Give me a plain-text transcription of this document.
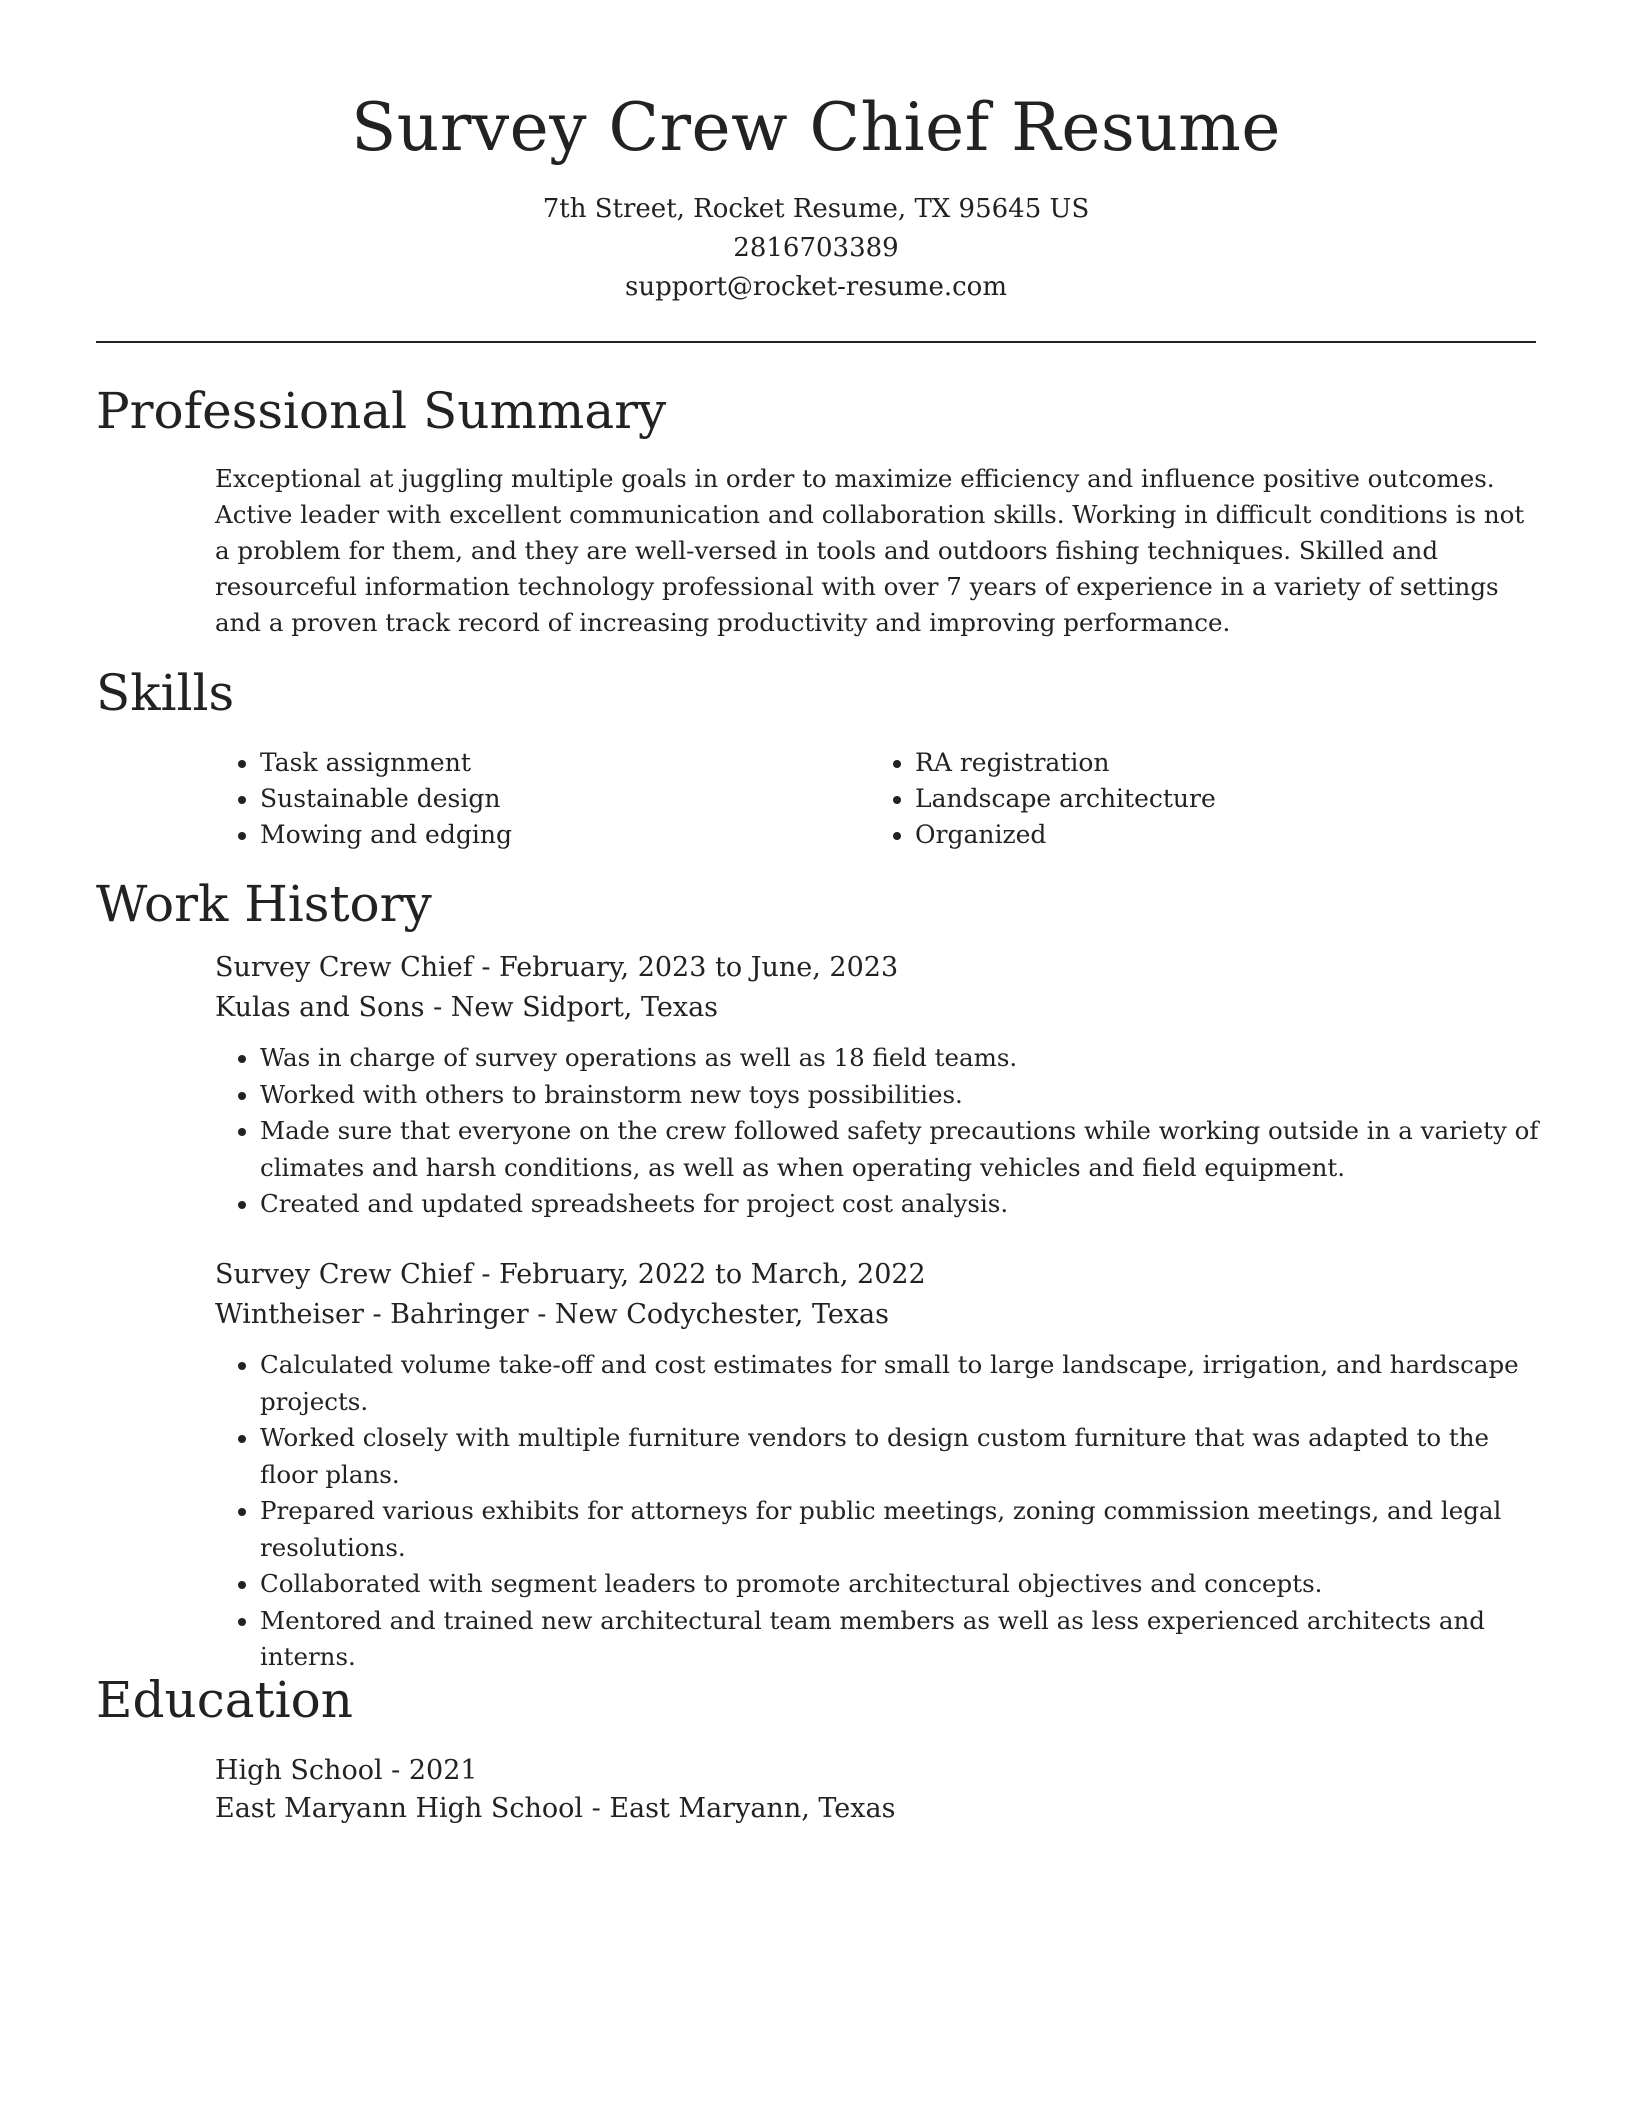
Survey Crew Chief Resume
7th Street, Rocket Resume, TX 95645 US
2816703389
support@rocket-resume.com
Professional Summary

Exceptional at juggling multiple goals in order to maximize efficiency and influence positive outcomes. Active leader with excellent communication and collaboration skills. Working in difficult conditions is not a problem for them, and they are well-versed in tools and outdoors fishing techniques. Skilled and resourceful information technology professional with over 7 years of experience in a variety of settings and a proven track record of increasing productivity and improving performance.

Skills
• Task assignment
• Sustainable design
• Mowing and edging
• RA registration
• Landscape architecture
• Organized
Work History
Survey Crew Chief - February, 2023 to June, 2023
Kulas and Sons - New Sidport, Texas
• Was in charge of survey operations as well as 18 field teams.
• Worked with others to brainstorm new toys possibilities.
• Made sure that everyone on the crew followed safety precautions while working outside in a variety of climates and harsh conditions, as well as when operating vehicles and field equipment.
• Created and updated spreadsheets for project cost analysis.
Survey Crew Chief - February, 2022 to March, 2022
Wintheiser - Bahringer - New Codychester, Texas
• Calculated volume take-off and cost estimates for small to large landscape, irrigation, and hardscape projects.
• Worked closely with multiple furniture vendors to design custom furniture that was adapted to the floor plans.
• Prepared various exhibits for attorneys for public meetings, zoning commission meetings, and legal resolutions.
• Collaborated with segment leaders to promote architectural objectives and concepts.
• Mentored and trained new architectural team members as well as less experienced architects and interns.
Education
High School - 2021
East Maryann High School - East Maryann, Texas
